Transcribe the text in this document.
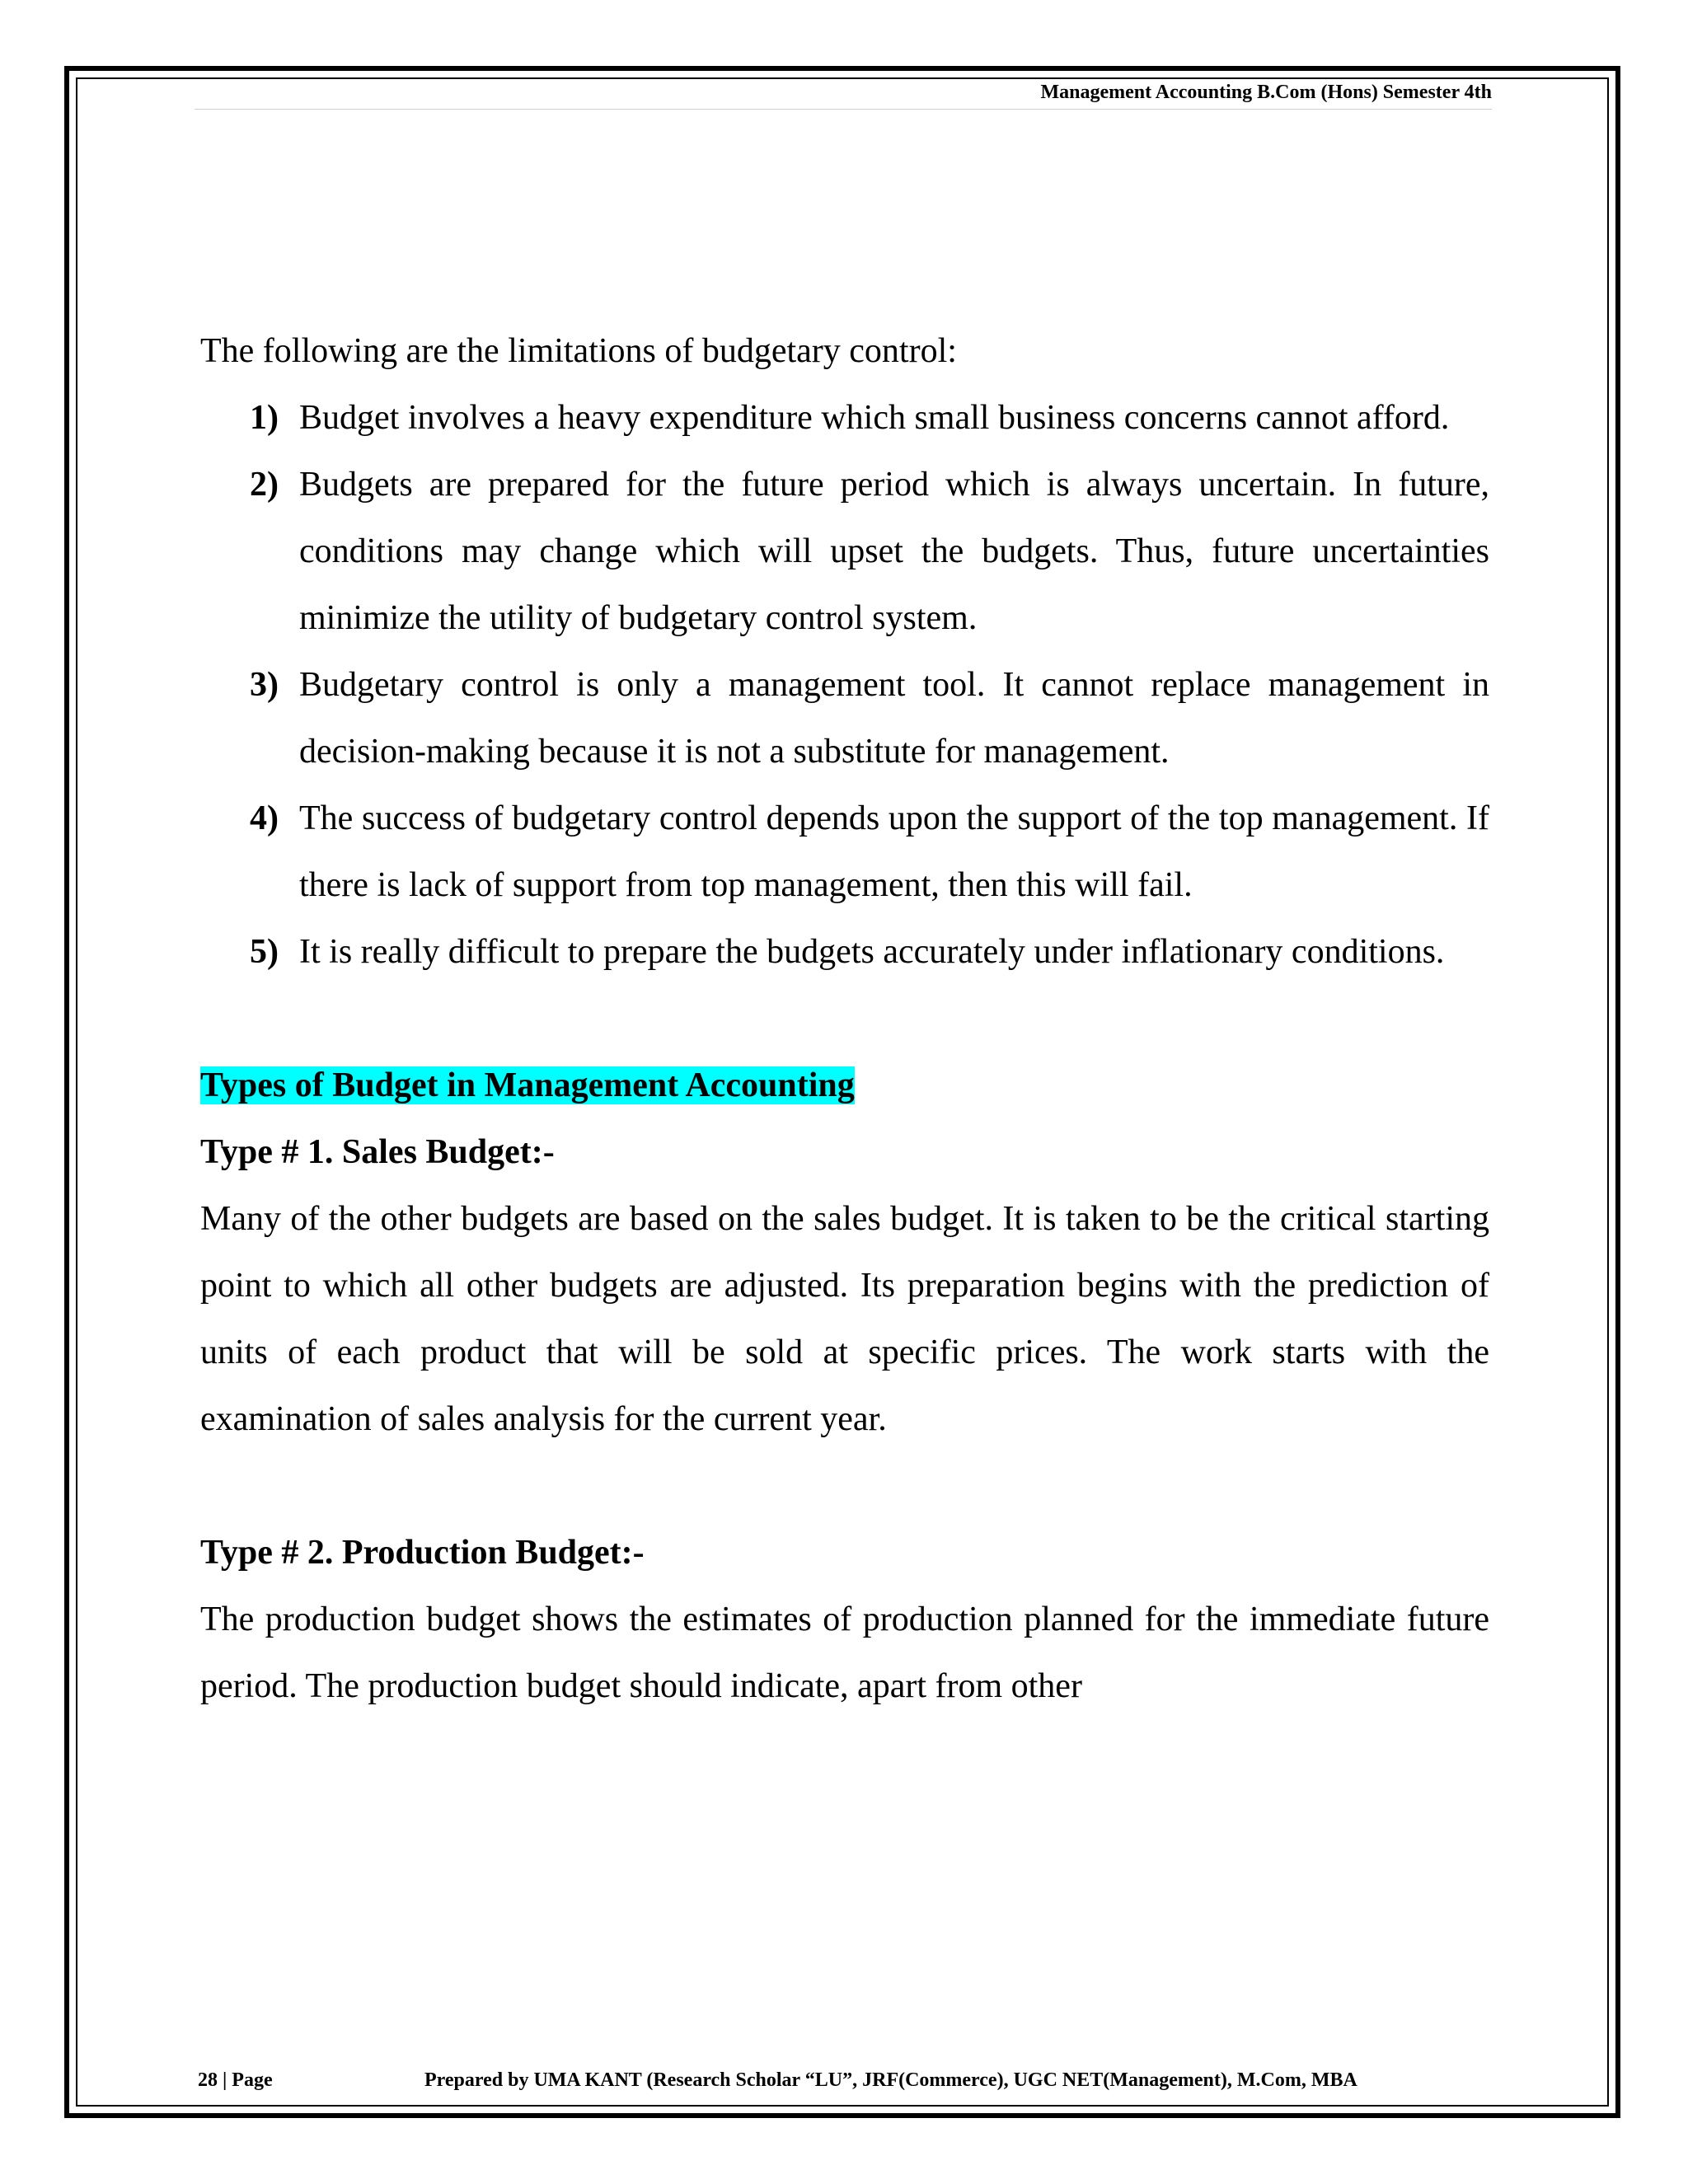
Management Accounting B.Com (Hons) Semester 4th

The following are the limitations of budgetary control:

1) Budget involves a heavy expenditure which small business concerns cannot afford.
2) Budgets are prepared for the future period which is always uncertain. In future, conditions may change which will upset the budgets. Thus, future uncertainties minimize the utility of budgetary control system.
3) Budgetary control is only a management tool. It cannot replace management in decision-making because it is not a substitute for management.
4) The success of budgetary control depends upon the support of the top management. If there is lack of support from top management, then this will fail.
5) It is really difficult to prepare the budgets accurately under inflationary conditions.
Types of Budget in Management Accounting
Type # 1. Sales Budget:-

Many of the other budgets are based on the sales budget. It is taken to be the critical starting point to which all other budgets are adjusted. Its preparation begins with the prediction of units of each product that will be sold at specific prices. The work starts with the examination of sales analysis for the current year.

Type # 2. Production Budget:-

The production budget shows the estimates of production planned for the immediate future period. The production budget should indicate, apart from other

28 | Page	Prepared by UMA KANT (Research Scholar “LU”, JRF(Commerce), UGC NET(Management), M.Com, MBA
